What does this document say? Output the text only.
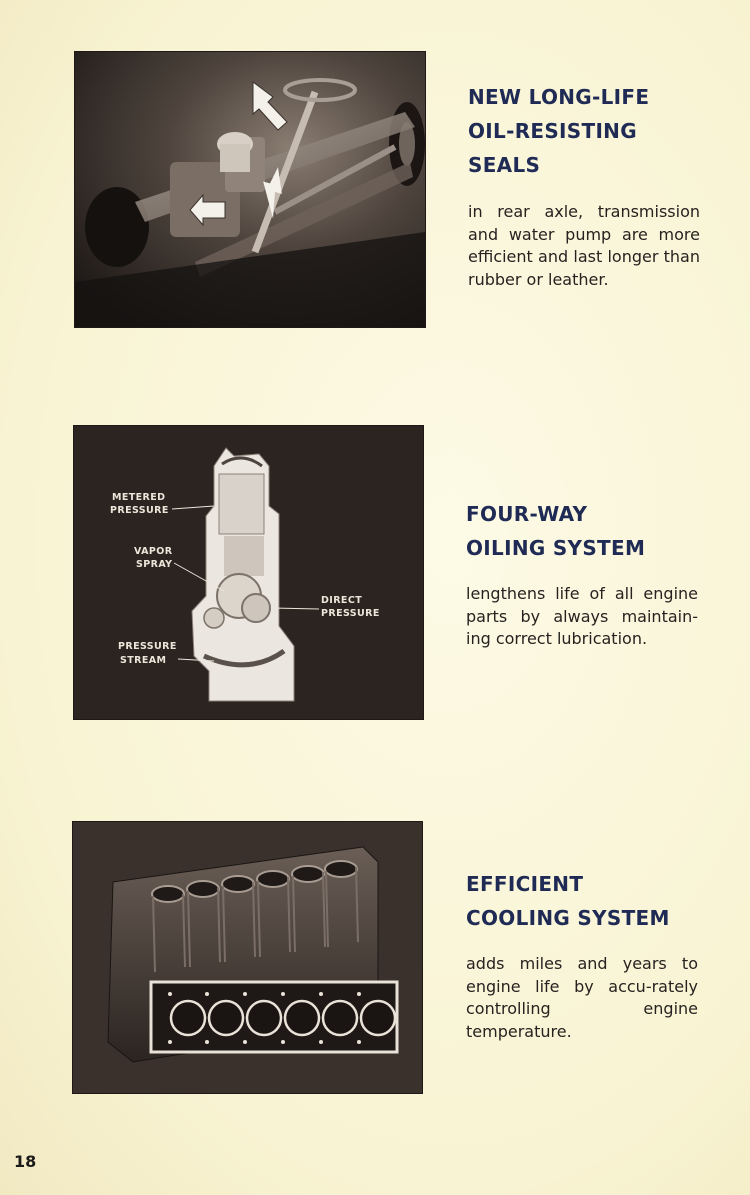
NEW LONG-LIFE
OIL-RESISTING
SEALS

in rear axle, transmission and water pump are more efficient and last longer than rubber or leather.

METERED
PRESSURE
VAPOR
SPRAY
DIRECT
PRESSURE
PRESSURE
STREAM
FOUR-WAY
OILING SYSTEM

lengthens life of all engine parts by always maintain-ing correct lubrication.

EFFICIENT
COOLING SYSTEM

adds miles and years to engine life by accu-rately controlling engine temperature.

18
